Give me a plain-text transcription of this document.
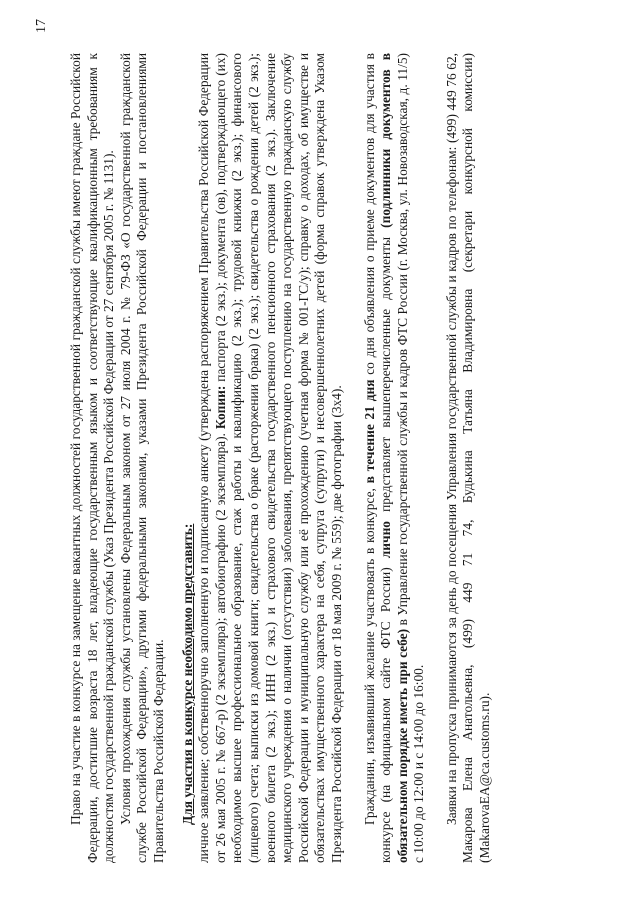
17

Право на участие в конкурсе на замещение вакантных должностей государственной гражданской службы имеют граждане Российской Федерации, достигшие возраста 18 лет, владеющие государственным языком и соответствующие квалификационным требованиям к должностям государственной гражданской службы (Указ Президента Российской Федерации от 27 сентября 2005 г. № 1131). Условия прохождения службы установлены Федеральным законом от 27 июля 2004 г. № 79-ФЗ «О государственной гражданской службе Российской Федерации», другими федеральными законами, указами Президента Российской Федерации и постановлениями Правительства Российской Федерации. Для участия в конкурсе необходимо представить: личное заявление; собственноручно заполненную и подписанную анкету (утверждена распоряжением Правительства Российской Федерации от 26 мая 2005 г. № 667-р) (2 экземпляра); автобиографию (2 экземпляра). Копии: паспорта (2 экз.); документа (ов), подтверждающего (их) необходимое высшее профессиональное образование, стаж работы и квалификацию (2 экз.); трудовой книжки (2 экз.); финансового (лицевого) счета; выписки из домовой книги; свидетельства о браке (расторжении брака) (2 экз.); свидетельства о рождении детей (2 экз.); военного билета (2 экз.); ИНН (2 экз.) и страхового свидетельства государственного пенсионного страхования (2 экз.). Заключение медицинского учреждения о наличии (отсутствии) заболевания, препятствующего поступлению на государственную гражданскую службу Российской Федерации и муниципальную службу или её прохождению (учетная форма № 001-ГС/у); справку о доходах, об имуществе и обязательствах имущественного характера на себя, супруга (супруги) и несовершеннолетних детей (форма справок утверждена Указом Президента Российской Федерации от 18 мая 2009 г. № 559); две фотографии (3х4). Гражданин, изъявивший желание участвовать в конкурсе, в течение 21 дня со дня объявления о приеме документов для участия в конкурсе (на официальном сайте ФТС России) лично представляет вышеперечисленные документы (подлинники документов в обязательном порядке иметь при себе) в Управление государственной службы и кадров ФТС России (г. Москва, ул. Новозаводская, д. 11/5) с 10:00 до 12:00 и с 14:00 до 16:00. Заявки на пропуска принимаются за день до посещения Управления государственной службы и кадров по телефонам: (499) 449 76 62, Макарова Елена Анатольевна, (499) 449 71 74, Будькина Татьяна Владимировна (секретари конкурсной комиссии) (MakarovaEA@ca.customs.ru).
